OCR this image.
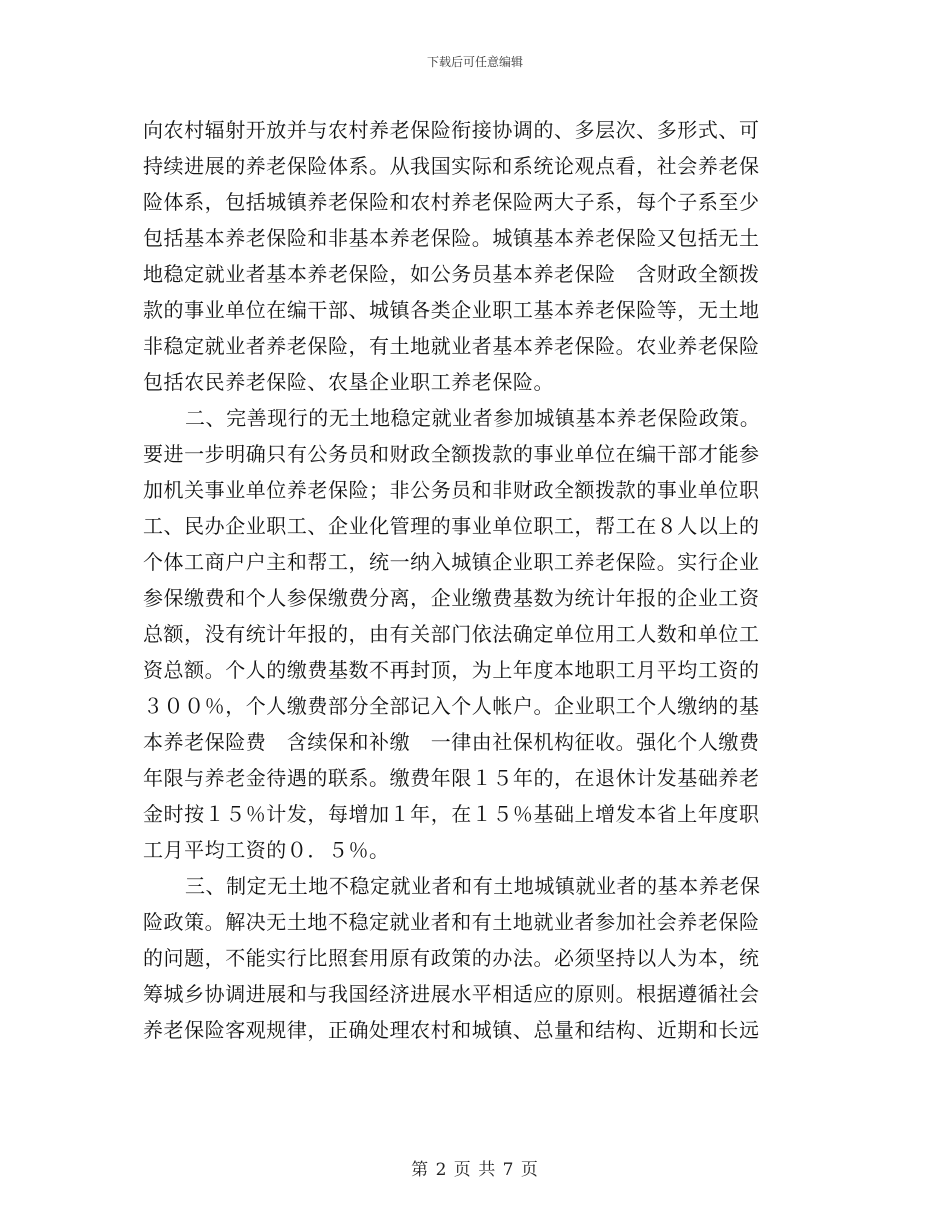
下载后可任意编辑
向农村辐射开放并与农村养老保险衔接协调的、多层次、多形式、可
持续进展的养老保险体系。从我国实际和系统论观点看，社会养老保
险体系，包括城镇养老保险和农村养老保险两大子系，每个子系至少
包括基本养老保险和非基本养老保险。城镇基本养老保险又包括无土
地稳定就业者基本养老保险，如公务员基本养老保险　含财政全额拨
款的事业单位在编干部、城镇各类企业职工基本养老保险等，无土地
非稳定就业者养老保险，有土地就业者基本养老保险。农业养老保险
包括农民养老保险、农垦企业职工养老保险。
二、完善现行的无土地稳定就业者参加城镇基本养老保险政策。
要进一步明确只有公务员和财政全额拨款的事业单位在编干部才能参
加机关事业单位养老保险；非公务员和非财政全额拨款的事业单位职
工、民办企业职工、企业化管理的事业单位职工，帮工在８人以上的
个体工商户户主和帮工，统一纳入城镇企业职工养老保险。实行企业
参保缴费和个人参保缴费分离，企业缴费基数为统计年报的企业工资
总额，没有统计年报的，由有关部门依法确定单位用工人数和单位工
资总额。个人的缴费基数不再封顶，为上年度本地职工月平均工资的
３００％，个人缴费部分全部记入个人帐户。企业职工个人缴纳的基
本养老保险费　含续保和补缴　一律由社保机构征收。强化个人缴费
年限与养老金待遇的联系。缴费年限１５年的，在退休计发基础养老
金时按１５％计发，每增加１年，在１５％基础上增发本省上年度职
工月平均工资的０．５％。
三、制定无土地不稳定就业者和有土地城镇就业者的基本养老保
险政策。解决无土地不稳定就业者和有土地就业者参加社会养老保险
的问题，不能实行比照套用原有政策的办法。必须坚持以人为本，统
筹城乡协调进展和与我国经济进展水平相适应的原则。根据遵循社会
养老保险客观规律，正确处理农村和城镇、总量和结构、近期和长远
第 2 页 共 7 页
